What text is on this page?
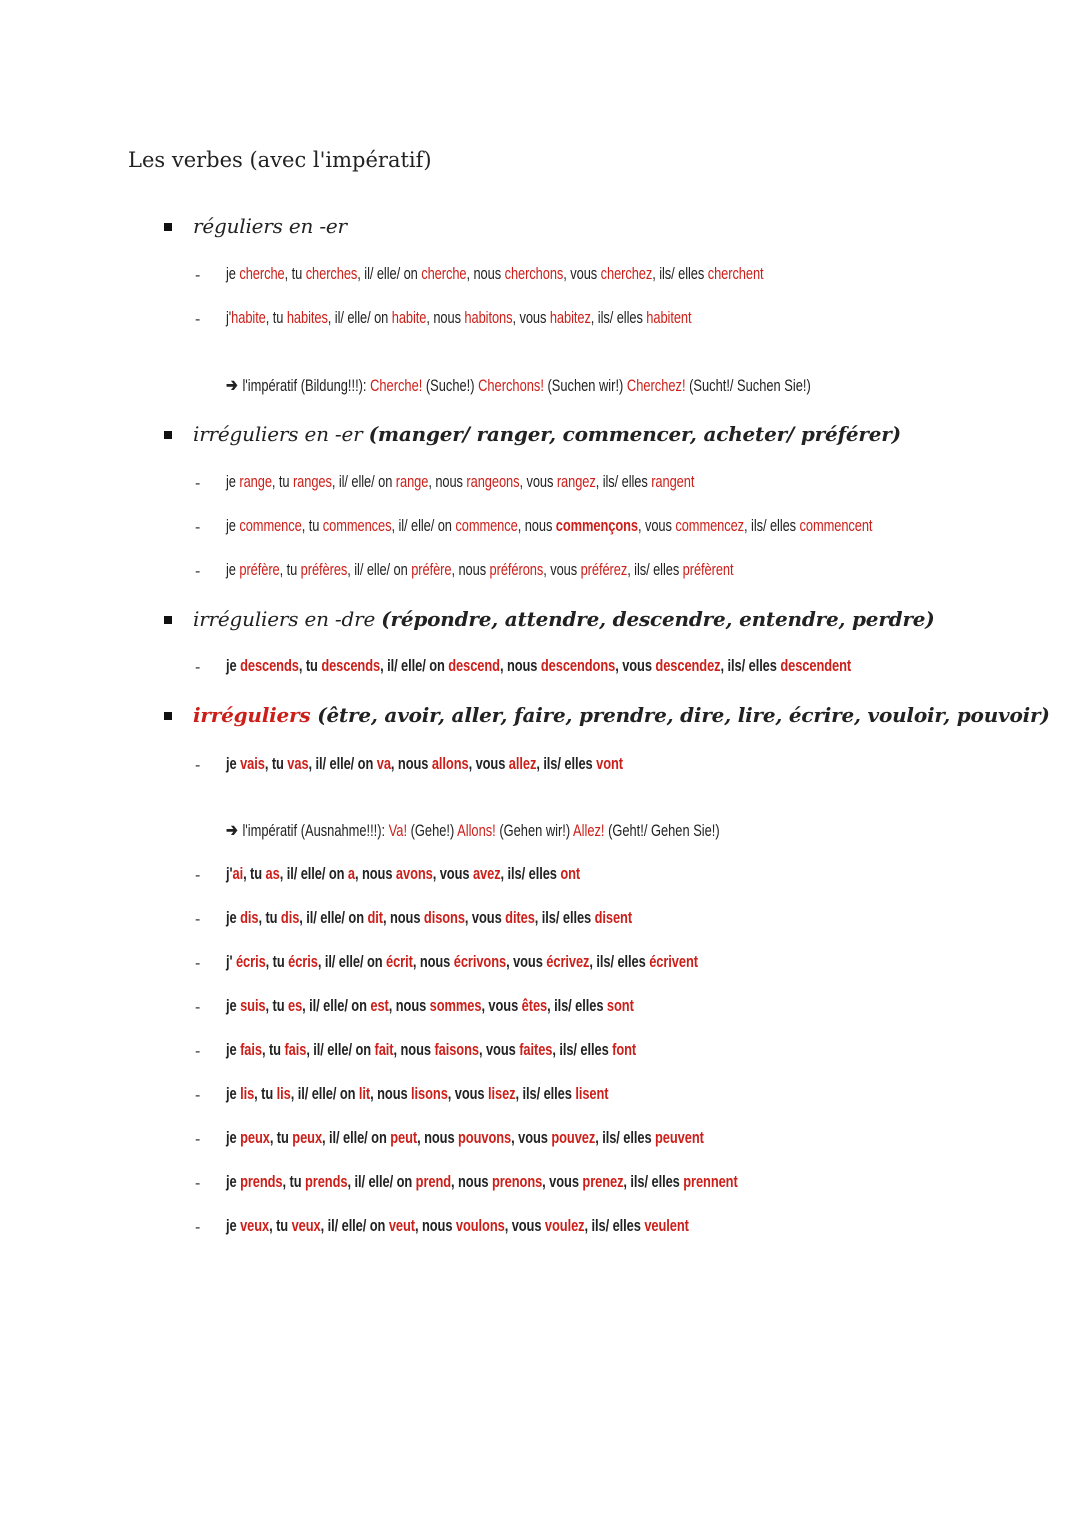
Les verbes (avec l'impératif)
réguliers en -er
- je cherche, tu cherches, il/ elle/ on cherche, nous cherchons, vous cherchez, ils/ elles cherchent
- j'habite, tu habites, il/ elle/ on habite, nous habitons, vous habitez, ils/ elles habitent
➔ l'impératif (Bildung!!!): Cherche! (Suche!) Cherchons! (Suchen wir!) Cherchez! (Sucht!/ Suchen Sie!)
irréguliers en -er (manger/ ranger, commencer, acheter/ préférer)
- je range, tu ranges, il/ elle/ on range, nous rangeons, vous rangez, ils/ elles rangent
- je commence, tu commences, il/ elle/ on commence, nous commençons, vous commencez, ils/ elles commencent
- je préfère, tu préfères, il/ elle/ on préfère, nous préférons, vous préférez, ils/ elles préfèrent
irréguliers en -dre (répondre, attendre, descendre, entendre, perdre)
- je descends, tu descends, il/ elle/ on descend, nous descendons, vous descendez, ils/ elles descendent
irréguliers (être, avoir, aller, faire, prendre, dire, lire, écrire, vouloir, pouvoir)
- je vais, tu vas, il/ elle/ on va, nous allons, vous allez, ils/ elles vont
➔ l'impératif (Ausnahme!!!): Va! (Gehe!) Allons! (Gehen wir!) Allez! (Geht!/ Gehen Sie!)
- j'ai, tu as, il/ elle/ on a, nous avons, vous avez, ils/ elles ont
- je dis, tu dis, il/ elle/ on dit, nous disons, vous dites, ils/ elles disent
- j' écris, tu écris, il/ elle/ on écrit, nous écrivons, vous écrivez, ils/ elles écrivent
- je suis, tu es, il/ elle/ on est, nous sommes, vous êtes, ils/ elles sont
- je fais, tu fais, il/ elle/ on fait, nous faisons, vous faites, ils/ elles font
- je lis, tu lis, il/ elle/ on lit, nous lisons, vous lisez, ils/ elles lisent
- je peux, tu peux, il/ elle/ on peut, nous pouvons, vous pouvez, ils/ elles peuvent
- je prends, tu prends, il/ elle/ on prend, nous prenons, vous prenez, ils/ elles prennent
- je veux, tu veux, il/ elle/ on veut, nous voulons, vous voulez, ils/ elles veulent
